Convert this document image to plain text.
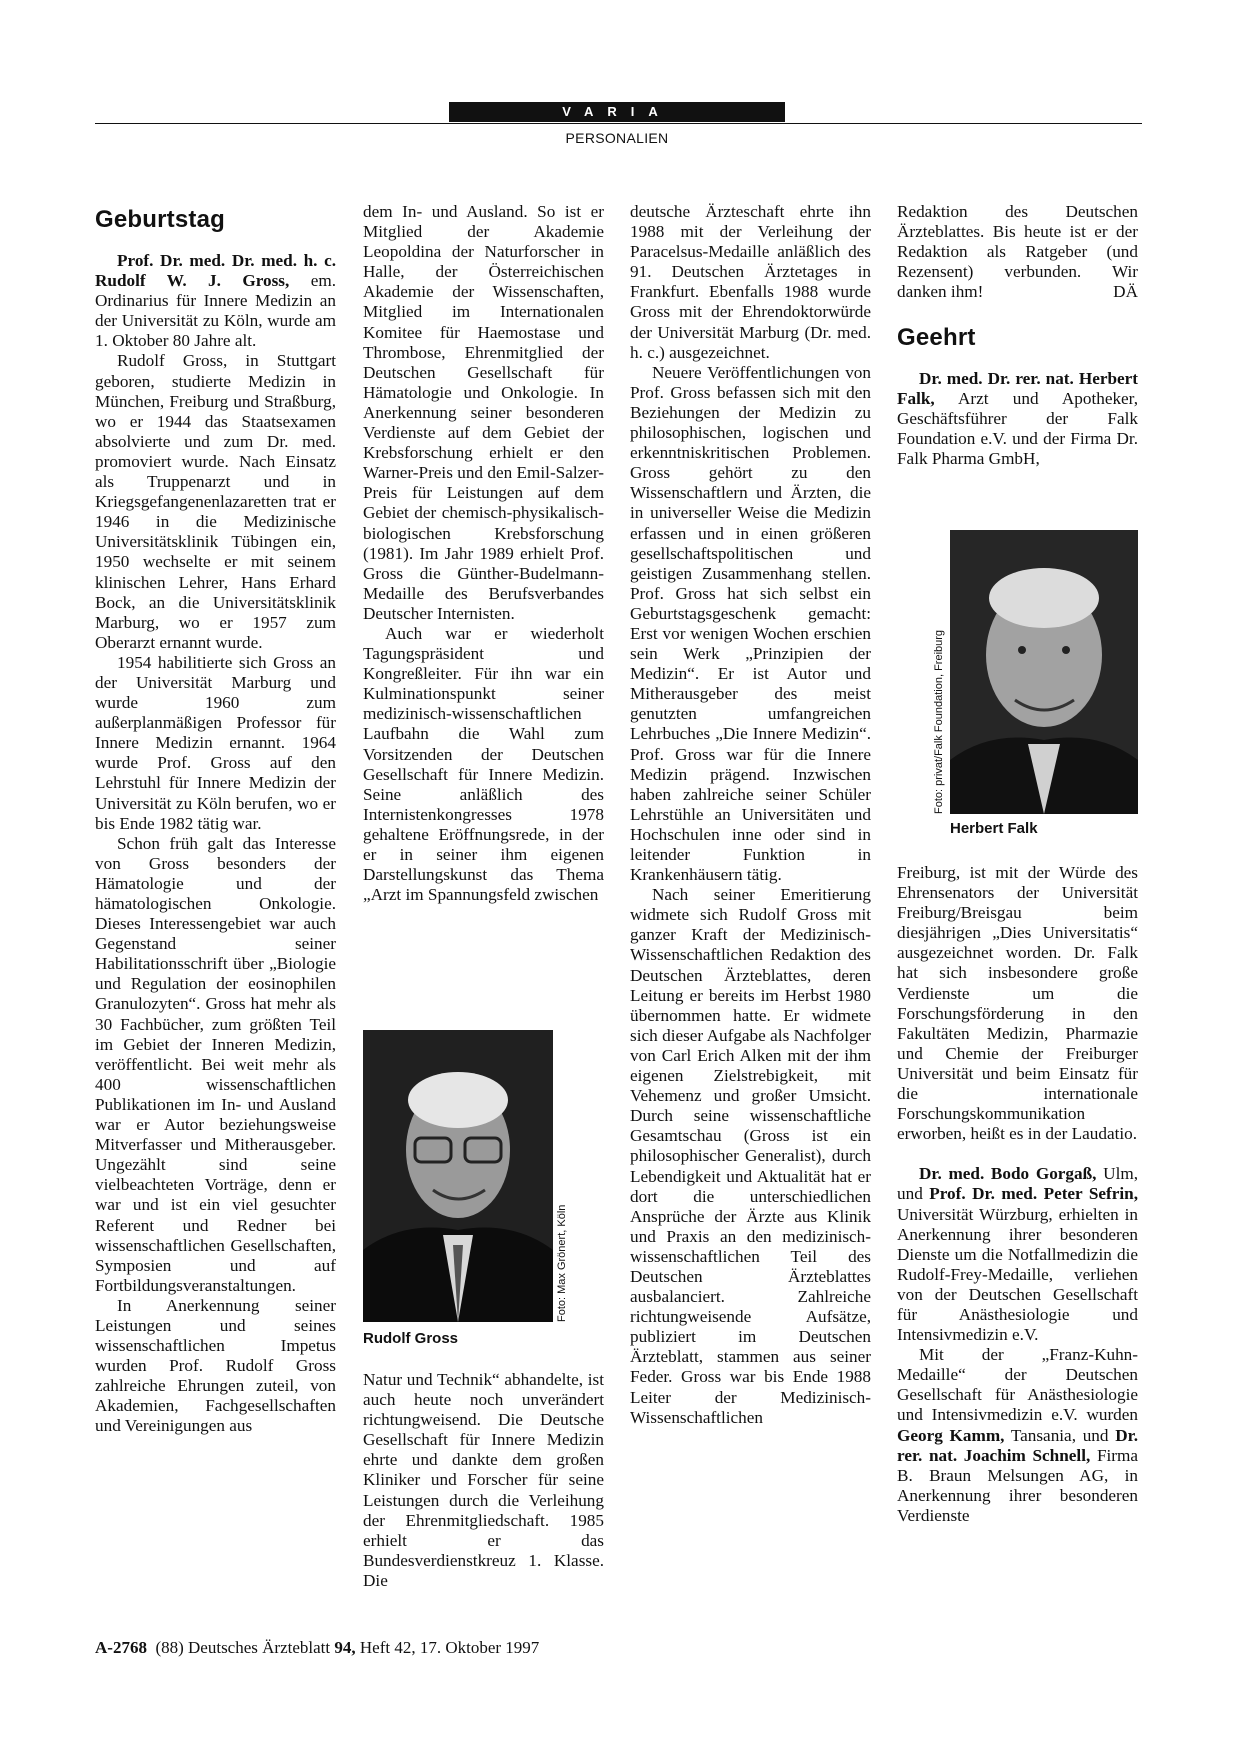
VARIA
PERSONALIEN
Geburtstag

Prof. Dr. med. Dr. med. h. c. Rudolf W. J. Gross, em. Ordinarius für Innere Medizin an der Universität zu Köln, wurde am 1. Oktober 80 Jahre alt.

Rudolf Gross, in Stuttgart geboren, studierte Medizin in München, Freiburg und Straßburg, wo er 1944 das Staatsexamen absolvierte und zum Dr. med. promoviert wurde. Nach Einsatz als Truppenarzt und in Kriegsgefangenenlazaretten trat er 1946 in die Medizinische Universitätsklinik Tübingen ein, 1950 wechselte er mit seinem klinischen Lehrer, Hans Erhard Bock, an die Universitätsklinik Marburg, wo er 1957 zum Oberarzt ernannt wurde.

1954 habilitierte sich Gross an der Universität Marburg und wurde 1960 zum außerplanmäßigen Professor für Innere Medizin ernannt. 1964 wurde Prof. Gross auf den Lehrstuhl für Innere Medizin der Universität zu Köln berufen, wo er bis Ende 1982 tätig war.

Schon früh galt das Interesse von Gross besonders der Hämatologie und der hämatologischen Onkologie. Dieses Interessengebiet war auch Gegenstand seiner Habilitationsschrift über „Biologie und Regulation der eosinophilen Granulozyten“. Gross hat mehr als 30 Fachbücher, zum größten Teil im Gebiet der Inneren Medizin, veröffentlicht. Bei weit mehr als 400 wissenschaftlichen Publikationen im In- und Ausland war er Autor beziehungsweise Mitverfasser und Mitherausgeber. Ungezählt sind seine vielbeachteten Vorträge, denn er war und ist ein viel gesuchter Referent und Redner bei wissenschaftlichen Gesellschaften, Symposien und auf Fortbildungsveranstaltungen.

In Anerkennung seiner Leistungen und seines wissenschaftlichen Impetus wurden Prof. Rudolf Gross zahlreiche Ehrungen zuteil, von Akademien, Fachgesellschaften und Vereinigungen aus

dem In- und Ausland. So ist er Mitglied der Akademie Leopoldina der Naturforscher in Halle, der Österreichischen Akademie der Wissenschaften, Mitglied im Internationalen Komitee für Haemostase und Thrombose, Ehrenmitglied der Deutschen Gesellschaft für Hämatologie und Onkologie. In Anerkennung seiner besonderen Verdienste auf dem Gebiet der Krebsforschung erhielt er den Warner-Preis und den Emil-Salzer-Preis für Leistungen auf dem Gebiet der chemisch-physikalisch-biologischen Krebsforschung (1981). Im Jahr 1989 erhielt Prof. Gross die Günther-Budelmann-Medaille des Berufsverbandes Deutscher Internisten.

Auch war er wiederholt Tagungspräsident und Kongreßleiter. Für ihn war ein Kulminationspunkt seiner medizinisch-wissenschaftlichen Laufbahn die Wahl zum Vorsitzenden der Deutschen Gesellschaft für Innere Medizin. Seine anläßlich des Internistenkongresses 1978 gehaltene Eröffnungsrede, in der er in seiner ihm eigenen Darstellungskunst das Thema „Arzt im Spannungsfeld zwischen

Foto: Max Grönert, Köln
Rudolf Gross

Natur und Technik“ abhandelte, ist auch heute noch unverändert richtungweisend. Die Deutsche Gesellschaft für Innere Medizin ehrte und dankte dem großen Kliniker und Forscher für seine Leistungen durch die Verleihung der Ehrenmitgliedschaft. 1985 erhielt er das Bundesverdienstkreuz 1. Klasse. Die

deutsche Ärzteschaft ehrte ihn 1988 mit der Verleihung der Paracelsus-Medaille anläßlich des 91. Deutschen Ärztetages in Frankfurt. Ebenfalls 1988 wurde Gross mit der Ehrendoktorwürde der Universität Marburg (Dr. med. h. c.) ausgezeichnet.

Neuere Veröffentlichungen von Prof. Gross befassen sich mit den Beziehungen der Medizin zu philosophischen, logischen und erkenntniskritischen Problemen. Gross gehört zu den Wissenschaftlern und Ärzten, die in universeller Weise die Medizin erfassen und in einen größeren gesellschaftspolitischen und geistigen Zusammenhang stellen. Prof. Gross hat sich selbst ein Geburtstagsgeschenk gemacht: Erst vor wenigen Wochen erschien sein Werk „Prinzipien der Medizin“. Er ist Autor und Mitherausgeber des meist genutzten umfangreichen Lehrbuches „Die Innere Medizin“. Prof. Gross war für die Innere Medizin prägend. Inzwischen haben zahlreiche seiner Schüler Lehrstühle an Universitäten und Hochschulen inne oder sind in leitender Funktion in Krankenhäusern tätig.

Nach seiner Emeritierung widmete sich Rudolf Gross mit ganzer Kraft der Medizinisch-Wissenschaftlichen Redaktion des Deutschen Ärzteblattes, deren Leitung er bereits im Herbst 1980 übernommen hatte. Er widmete sich dieser Aufgabe als Nachfolger von Carl Erich Alken mit der ihm eigenen Zielstrebigkeit, mit Vehemenz und großer Umsicht. Durch seine wissenschaftliche Gesamtschau (Gross ist ein philosophischer Generalist), durch Lebendigkeit und Aktualität hat er dort die unterschiedlichen Ansprüche der Ärzte aus Klinik und Praxis an den medizinisch-wissenschaftlichen Teil des Deutschen Ärzteblattes ausbalanciert. Zahlreiche richtungweisende Aufsätze, publiziert im Deutschen Ärzteblatt, stammen aus seiner Feder. Gross war bis Ende 1988 Leiter der Medizinisch-Wissenschaftlichen

Redaktion des Deutschen Ärzteblattes. Bis heute ist er der Redaktion als Ratgeber (und Rezensent) verbunden. Wir danken ihm!	DÄ

Geehrt

Dr. med. Dr. rer. nat. Herbert Falk, Arzt und Apotheker, Geschäftsführer der Falk Foundation e.V. und der Firma Dr. Falk Pharma GmbH,

Foto: privat/Falk Foundation, Freiburg
Herbert Falk

Freiburg, ist mit der Würde des Ehrensenators der Universität Freiburg/Breisgau beim diesjährigen „Dies Universitatis“ ausgezeichnet worden. Dr. Falk hat sich insbesondere große Verdienste um die Forschungsförderung in den Fakultäten Medizin, Pharmazie und Chemie der Freiburger Universität und beim Einsatz für die internationale Forschungskommunikation erworben, heißt es in der Laudatio.

Dr. med. Bodo Gorgaß, Ulm, und Prof. Dr. med. Peter Sefrin, Universität Würzburg, erhielten in Anerkennung ihrer besonderen Dienste um die Notfallmedizin die Rudolf-Frey-Medaille, verliehen von der Deutschen Gesellschaft für Anästhesiologie und Intensivmedizin e.V.

Mit der „Franz-Kuhn-Medaille“ der Deutschen Gesellschaft für Anästhesiologie und Intensivmedizin e.V. wurden Georg Kamm, Tansania, und Dr. rer. nat. Joachim Schnell, Firma B. Braun Melsungen AG, in Anerkennung ihrer besonderen Verdienste

A-2768  (88) Deutsches Ärzteblatt 94, Heft 42, 17. Oktober 1997
